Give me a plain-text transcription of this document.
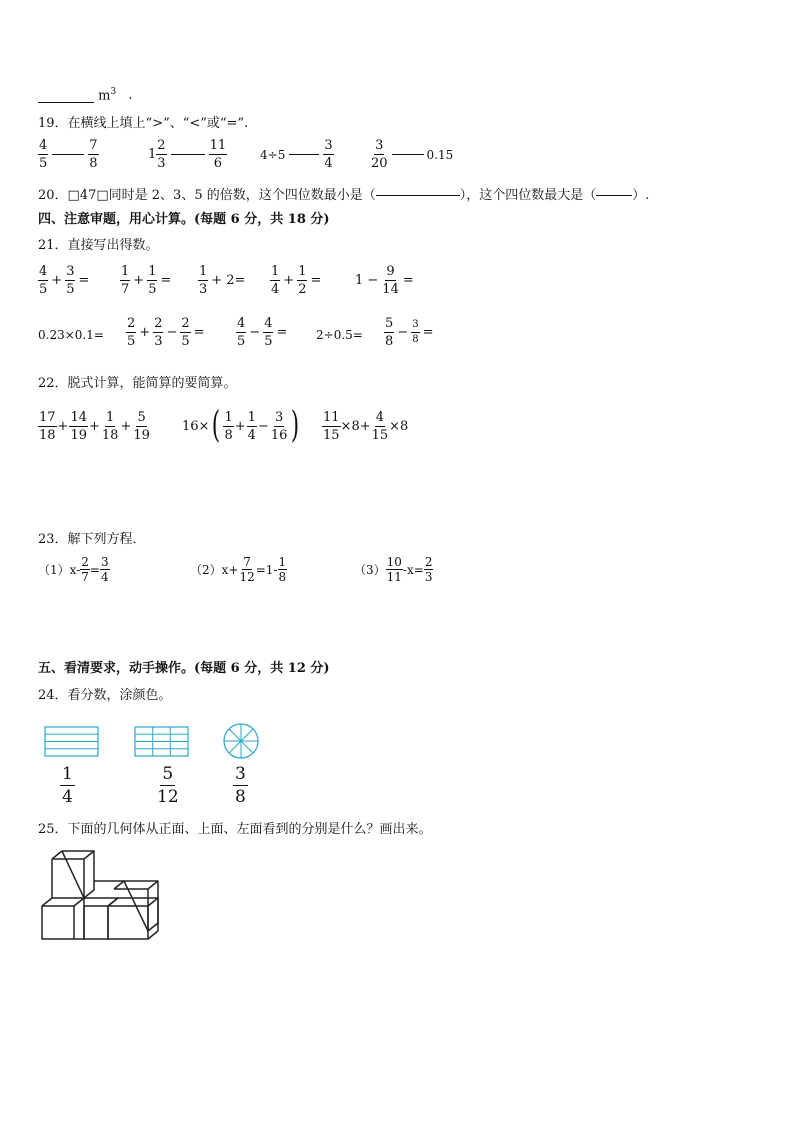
$m^3$ .
19．在横线上填上“>”、“<”或“=”.
$\frac{4}{5}$	$\frac{7}{8}$	$1 \frac{2}{3}$	$\frac{11}{6}$	4÷5	$\frac{3}{4}$	$\frac{3}{20}$	0.15
20．□47□同时是 2、3、5 的倍数，这个四位数最小是（	），这个四位数最大是（	）.
四、注意审题，用心计算。(每题 6 分，共 18 分)
21．直接写出得数。
$\frac{4}{5} + \frac{3}{5} = \frac{1}{7} + \frac{1}{5} = \frac{1}{3} + 2= \frac{1}{4} + \frac{1}{2}$ =	$1 - \frac{9}{14}$ =
$0.23\times 0.1= \frac{2}{5} + \frac{2}{3} - \frac{2}{5} = \frac{4}{5} - \frac{4}{5} = 2\div 0.5= \frac{5}{8} - \frac{3}{8}$ =
22．脱式计算，能简算的要简算。
$\frac{17}{18} + \frac{14}{19} + \frac{1}{18} + \frac{5}{19} 16\times$ ( $\frac{1}{8} + \frac{1}{4} - \frac{3}{16}$ ) $\frac{11}{15} \times 8+ \frac{4}{15} \times 8$
23．解下列方程．
$(1)x- \frac{2}{7} = \frac{3}{4}$	$(2)x+ \frac{7}{12} =1- \frac{1}{8}$	$(3) \frac{10}{11} -x= \frac{2}{3}$
五、看清要求，动手操作。(每题 6 分，共 12 分)
24．看分数，涂颜色。
$\frac{1}{4}$	$\frac{5}{12}$	$\frac{3}{8}$
25．下面的几何体从正面、上面、左面看到的分别是什么？画出来。
